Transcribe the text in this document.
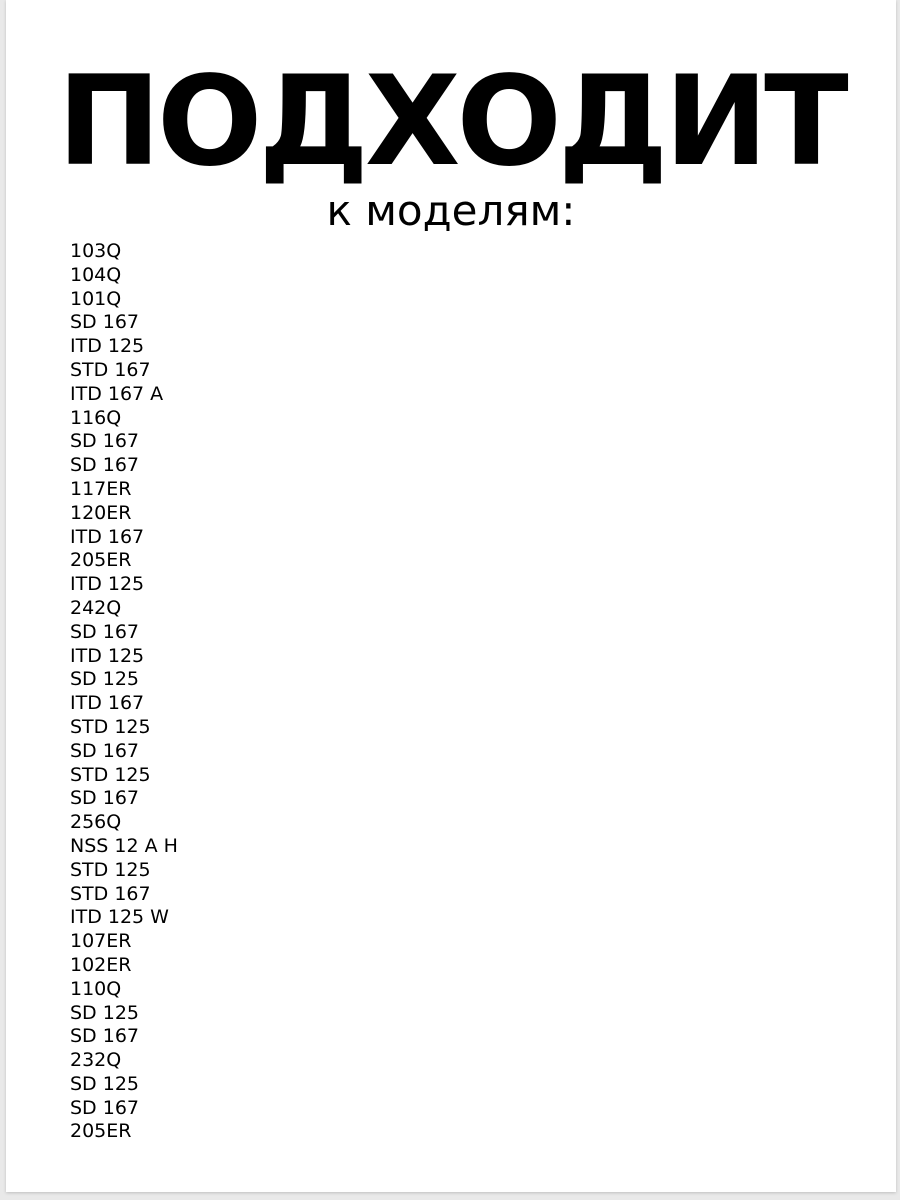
ПОДХОДИТ
к моделям:
103Q
104Q
101Q
SD 167
ITD 125
STD 167
ITD 167 A
116Q
SD 167
SD 167
117ER
120ER
ITD 167
205ER
ITD 125
242Q
SD 167
ITD 125
SD 125
ITD 167
STD 125
SD 167
STD 125
SD 167
256Q
NSS 12 A H
STD 125
STD 167
ITD 125 W
107ER
102ER
110Q
SD 125
SD 167
232Q
SD 125
SD 167
205ER
